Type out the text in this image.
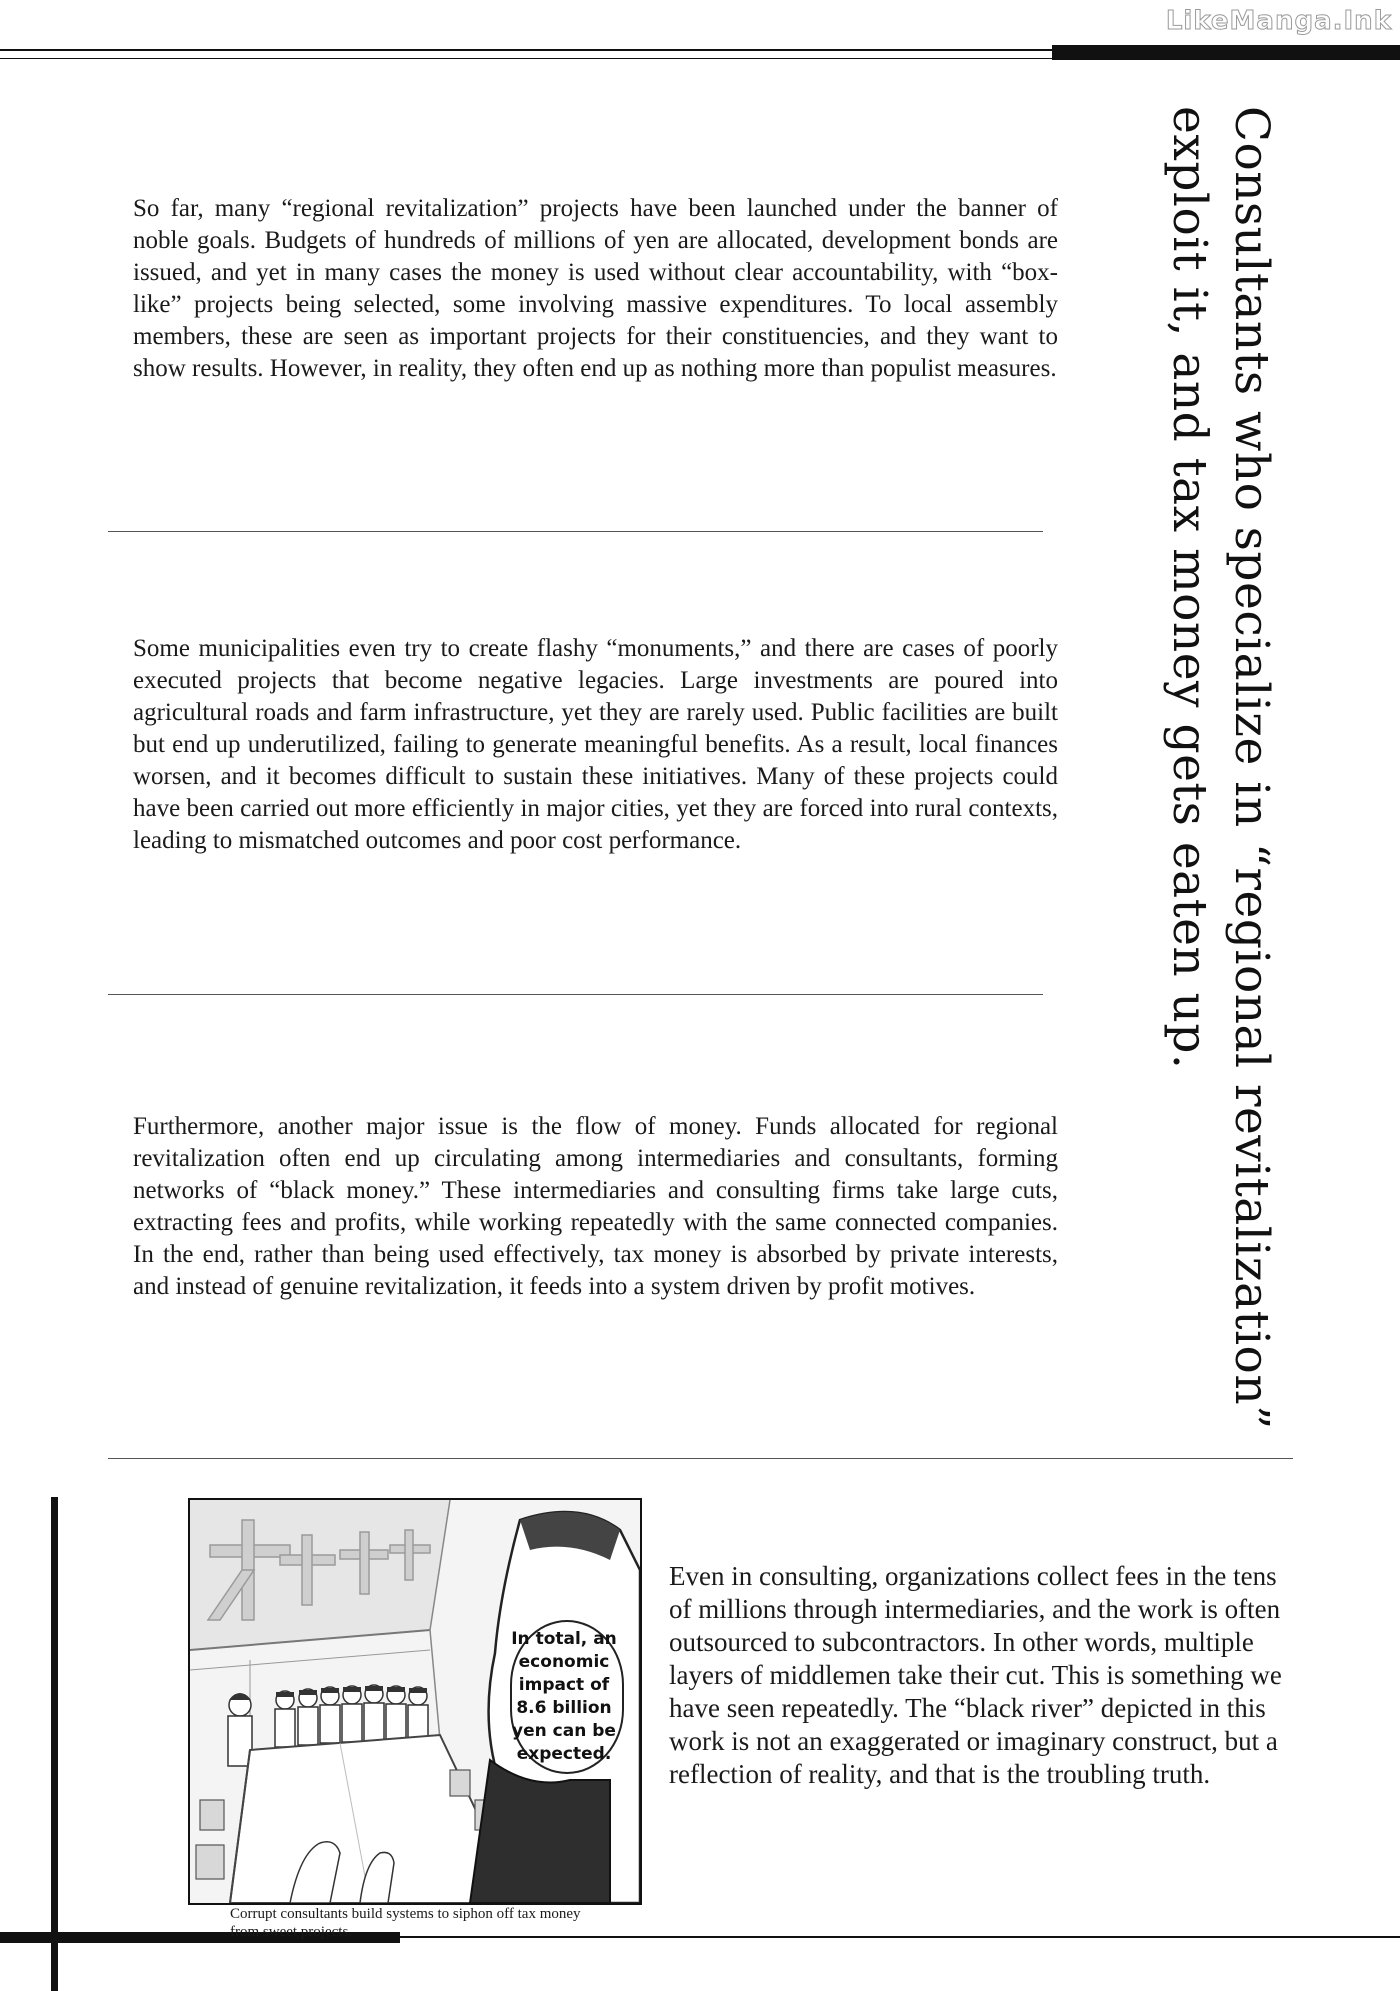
LikeManga.Ink

So far, many “regional revitalization” projects have been launched under the banner of noble goals. Budgets of hundreds of millions of yen are allocated, development bonds are issued, and yet in many cases the money is used without clear accountability, with “box-like” projects being selected, some involving massive expenditures. To local assembly members, these are seen as important projects for their constituencies, and they want to show results. However, in reality, they often end up as nothing more than populist measures.

Some municipalities even try to create flashy “monuments,” and there are cases of poorly executed projects that become negative legacies. Large investments are poured into agricultural roads and farm infrastructure, yet they are rarely used. Public facilities are built but end up underutilized, failing to generate meaningful benefits. As a result, local finances worsen, and it becomes difficult to sustain these initiatives. Many of these projects could have been carried out more efficiently in major cities, yet they are forced into rural contexts, leading to mismatched outcomes and poor cost performance.

Furthermore, another major issue is the flow of money. Funds allocated for regional revitalization often end up circulating among intermediaries and consultants, forming networks of “black money.” These intermediaries and consulting firms take large cuts, extracting fees and profits, while working repeatedly with the same connected companies. In the end, rather than being used effectively, tax money is absorbed by private interests, and instead of genuine revitalization, it feeds into a system driven by profit motives.	Consultants who specialize in “regional revitalization” exploit it, and tax money gets eaten up.
In total, an economic impact of 8.6 billion yen can be expected.
Corrupt consultants build systems to siphon off tax money from sweet projects.

Even in consulting, organizations collect fees in the tens of millions through intermediaries, and the work is often outsourced to subcontractors. In other words, multiple layers of middlemen take their cut. This is something we have seen repeatedly. The “black river” depicted in this work is not an exaggerated or imaginary construct, but a reflection of reality, and that is the troubling truth.
